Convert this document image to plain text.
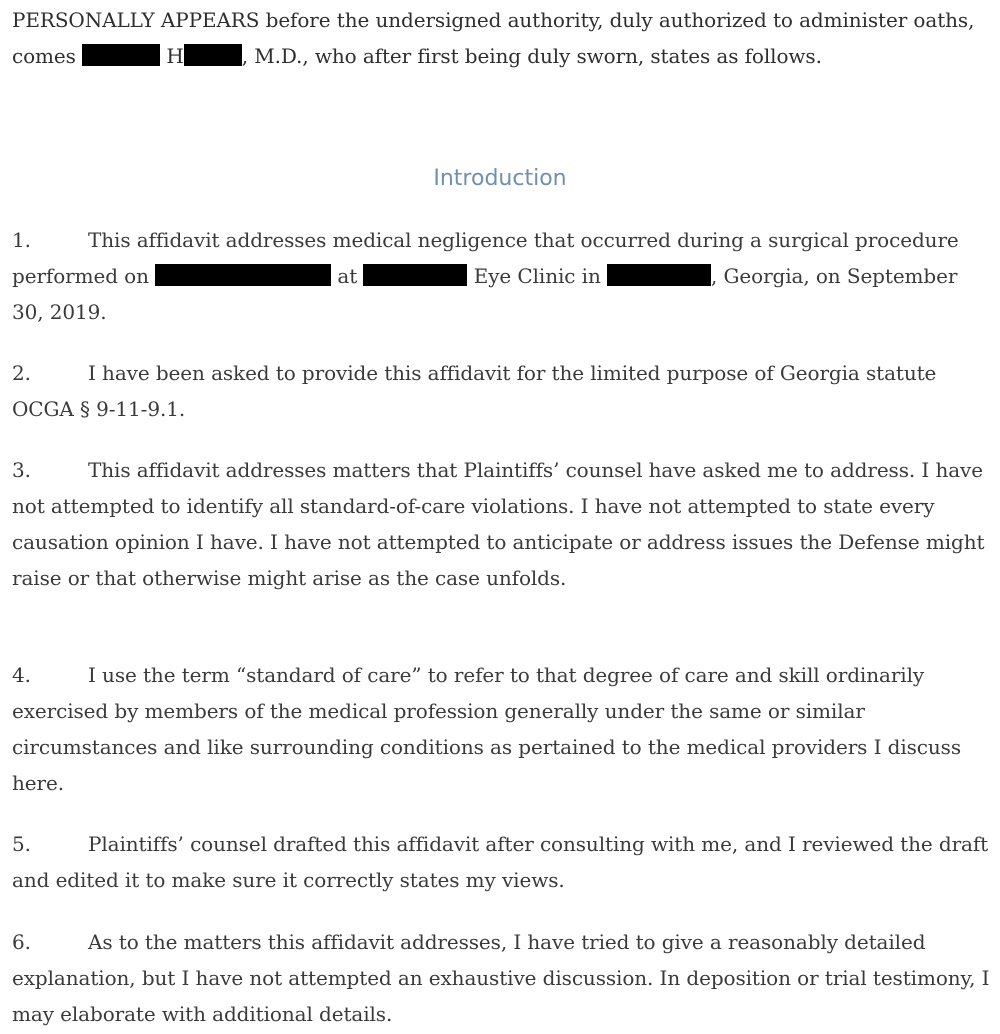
PERSONALLY APPEARS before the undersigned authority, duly authorized to administer oaths, comes	H	, M.D., who after first being duly sworn, states as follows.

Introduction

1.	This affidavit addresses medical negligence that occurred during a surgical procedure performed on	at	Eye Clinic in	, Georgia, on September 30, 2019.

2.	I have been asked to provide this affidavit for the limited purpose of Georgia statute OCGA § 9-11-9.1.

3.	This affidavit addresses matters that Plaintiffs’ counsel have asked me to address. I have not attempted to identify all standard-of-care violations. I have not attempted to state every causation opinion I have. I have not attempted to anticipate or address issues the Defense might raise or that otherwise might arise as the case unfolds.

4.	I use the term “standard of care” to refer to that degree of care and skill ordinarily exercised by members of the medical profession generally under the same or similar circumstances and like surrounding conditions as pertained to the medical providers I discuss here.

5.	Plaintiffs’ counsel drafted this affidavit after consulting with me, and I reviewed the draft and edited it to make sure it correctly states my views.

6.	As to the matters this affidavit addresses, I have tried to give a reasonably detailed explanation, but I have not attempted an exhaustive discussion. In deposition or trial testimony, I may elaborate with additional details.
